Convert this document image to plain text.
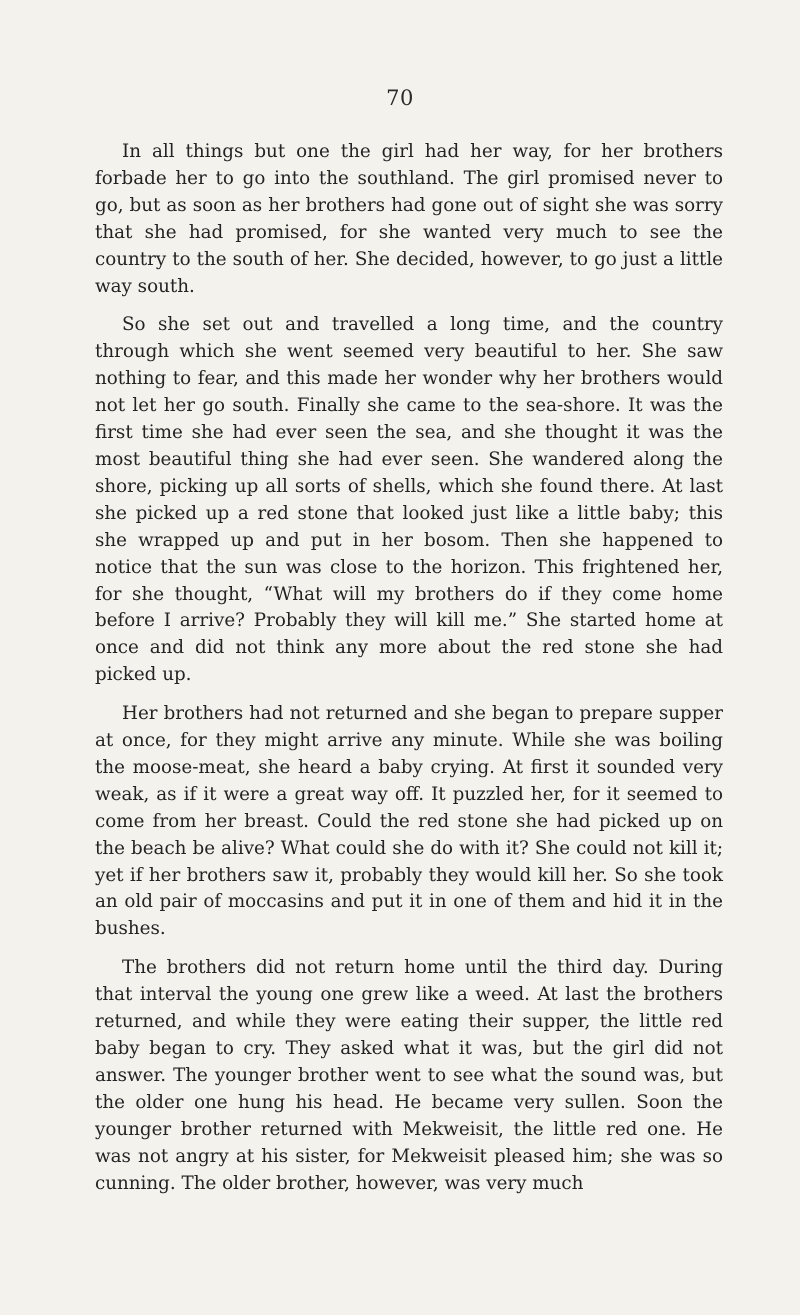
70

In all things but one the girl had her way, for her brothers forbade her to go into the southland. The girl promised never to go, but as soon as her brothers had gone out of sight she was sorry that she had promised, for she wanted very much to see the country to the south of her. She decided, however, to go just a little way south.

So she set out and travelled a long time, and the country through which she went seemed very beautiful to her. She saw nothing to fear, and this made her wonder why her brothers would not let her go south. Finally she came to the sea-shore. It was the first time she had ever seen the sea, and she thought it was the most beautiful thing she had ever seen. She wandered along the shore, picking up all sorts of shells, which she found there. At last she picked up a red stone that looked just like a little baby; this she wrapped up and put in her bosom. Then she happened to notice that the sun was close to the horizon. This frightened her, for she thought, “What will my brothers do if they come home before I arrive? Probably they will kill me.” She started home at once and did not think any more about the red stone she had picked up.

Her brothers had not returned and she began to prepare supper at once, for they might arrive any minute. While she was boiling the moose-meat, she heard a baby crying. At first it sounded very weak, as if it were a great way off. It puzzled her, for it seemed to come from her breast. Could the red stone she had picked up on the beach be alive? What could she do with it? She could not kill it; yet if her brothers saw it, probably they would kill her. So she took an old pair of moccasins and put it in one of them and hid it in the bushes.

The brothers did not return home until the third day. During that interval the young one grew like a weed. At last the brothers returned, and while they were eating their supper, the little red baby began to cry. They asked what it was, but the girl did not answer. The younger brother went to see what the sound was, but the older one hung his head. He became very sullen. Soon the younger brother returned with Mekweisit, the little red one. He was not angry at his sister, for Mekweisit pleased him; she was so cunning. The older brother, however, was very much
